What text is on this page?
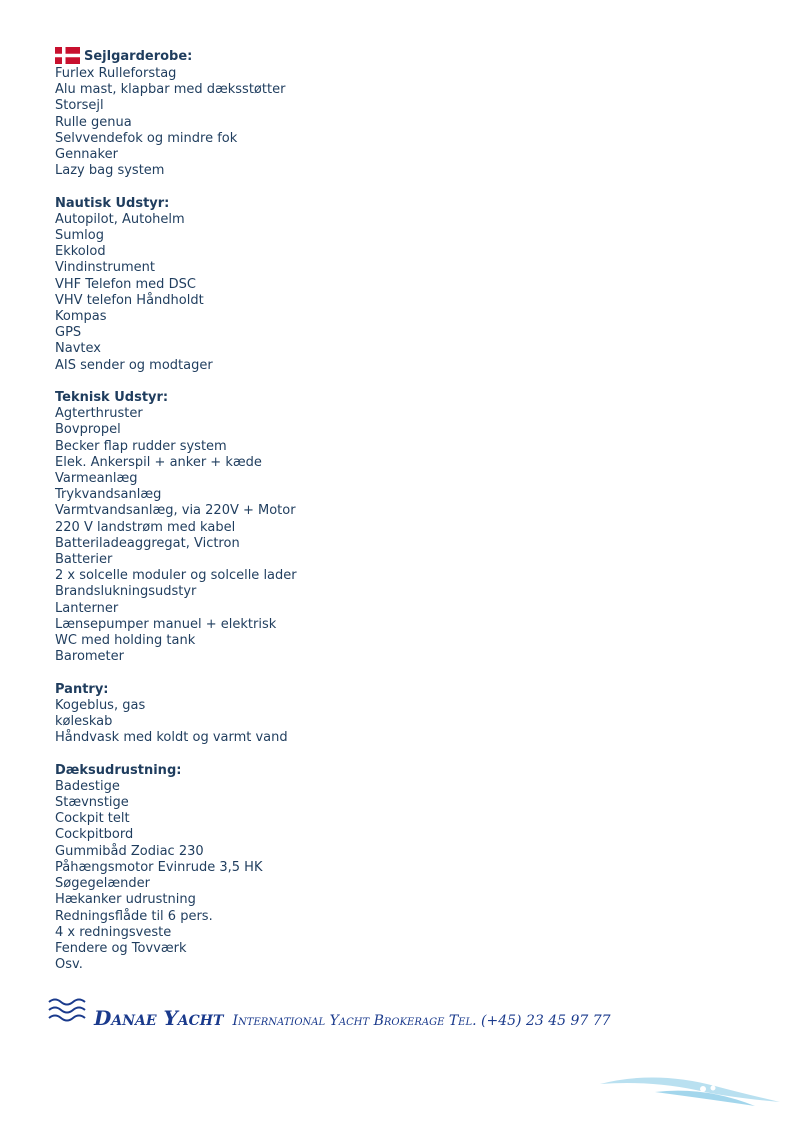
Sejlgarderobe:
Furlex Rulleforstag
Alu mast, klapbar med dæksstøtter
Storsejl
Rulle genua
Selvvendefok og mindre fok
Gennaker
Lazy bag system
Nautisk Udstyr:
Autopilot, Autohelm
Sumlog
Ekkolod
Vindinstrument
VHF Telefon med DSC
VHV telefon Håndholdt
Kompas
GPS
Navtex
AIS sender og modtager
Teknisk Udstyr:
Agterthruster
Bovpropel
Becker flap rudder system
Elek. Ankerspil + anker + kæde
Varmeanlæg
Trykvandsanlæg
Varmtvandsanlæg, via 220V + Motor
220 V landstrøm med kabel
Batteriladeaggregat, Victron
Batterier
2 x solcelle moduler og solcelle lader
Brandslukningsudstyr
Lanterner
Lænsepumper manuel + elektrisk
WC med holding tank
Barometer
Pantry:
Kogeblus, gas
køleskab
Håndvask med koldt og varmt vand
Dæksudrustning:
Badestige
Stævnstige
Cockpit telt
Cockpitbord
Gummibåd Zodiac 230
Påhængsmotor Evinrude 3,5 HK
Søgegelænder
Hækanker udrustning
Redningsflåde til 6 pers.
4 x redningsveste
Fendere og Tovværk
Osv.
Danae Yacht International Yacht Brokerage Tel. (+45) 23 45 97 77
